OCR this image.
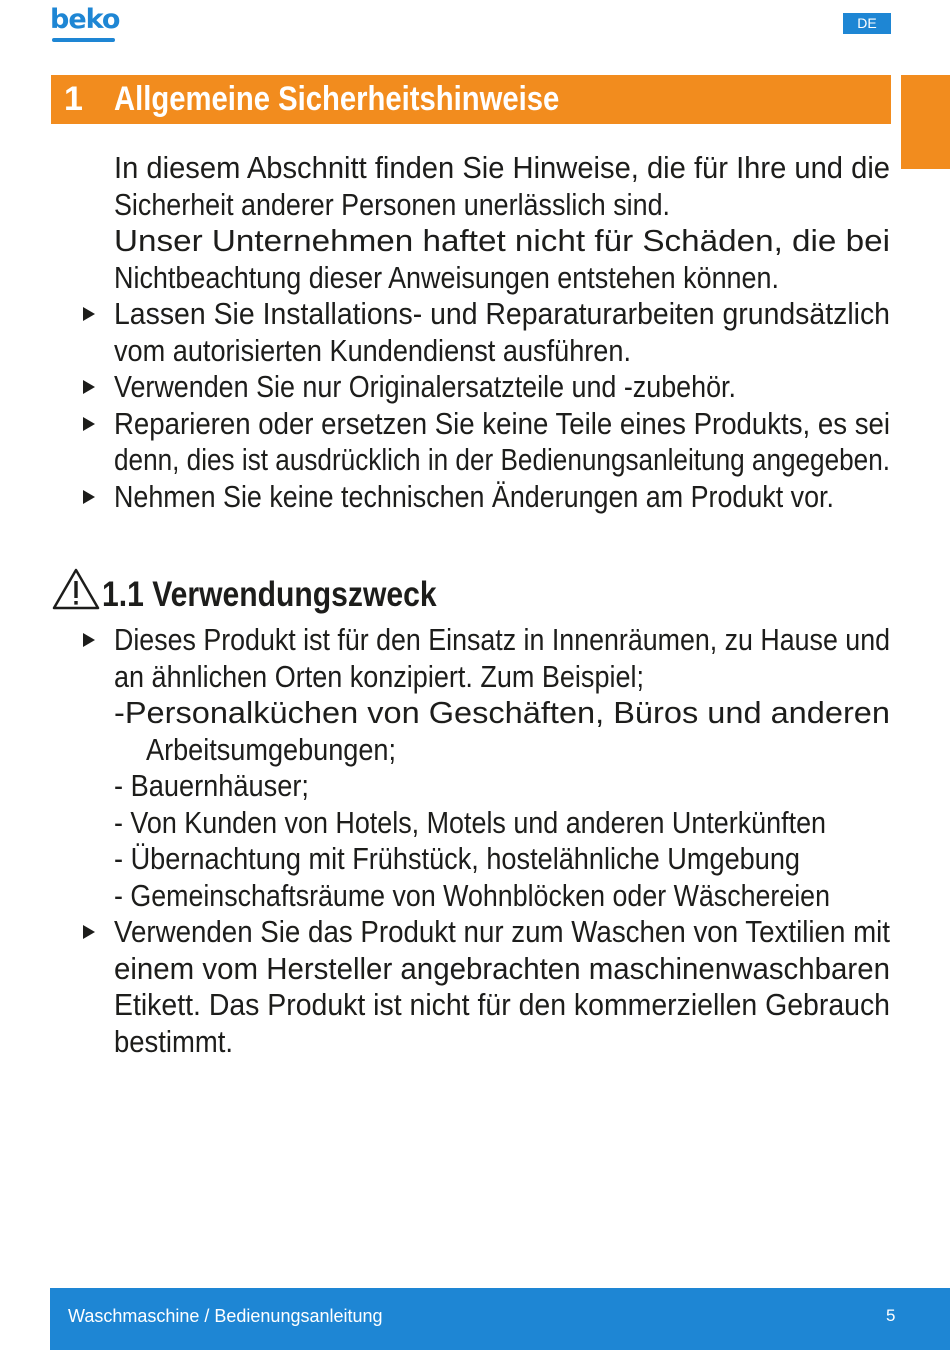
beko	DE
1 Allgemeine Sicherheitshinweise
In diesem Abschnitt finden Sie Hinweise, die für Ihre und die
Sicherheit anderer Personen unerlässlich sind.
Unser Unternehmen haftet nicht für Schäden, die bei
Nichtbeachtung dieser Anweisungen entstehen können.
Lassen Sie Installations- und Reparaturarbeiten grundsätzlich
vom autorisierten Kundendienst ausführen.
Verwenden Sie nur Originalersatzteile und -zubehör.
Reparieren oder ersetzen Sie keine Teile eines Produkts, es sei
denn, dies ist ausdrücklich in der Bedienungsanleitung angegeben.
Nehmen Sie keine technischen Änderungen am Produkt vor.
1.1 Verwendungszweck
Dieses Produkt ist für den Einsatz in Innenräumen, zu Hause und
an ähnlichen Orten konzipiert. Zum Beispiel;
-Personalküchen von Geschäften, Büros und anderen
Arbeitsumgebungen;
- Bauernhäuser;
- Von Kunden von Hotels, Motels und anderen Unterkünften
- Übernachtung mit Frühstück, hostelähnliche Umgebung
- Gemeinschaftsräume von Wohnblöcken oder Wäschereien
Verwenden Sie das Produkt nur zum Waschen von Textilien mit
einem vom Hersteller angebrachten maschinenwaschbaren
Etikett. Das Produkt ist nicht für den kommerziellen Gebrauch
bestimmt.
Waschmaschine / Bedienungsanleitung	5
